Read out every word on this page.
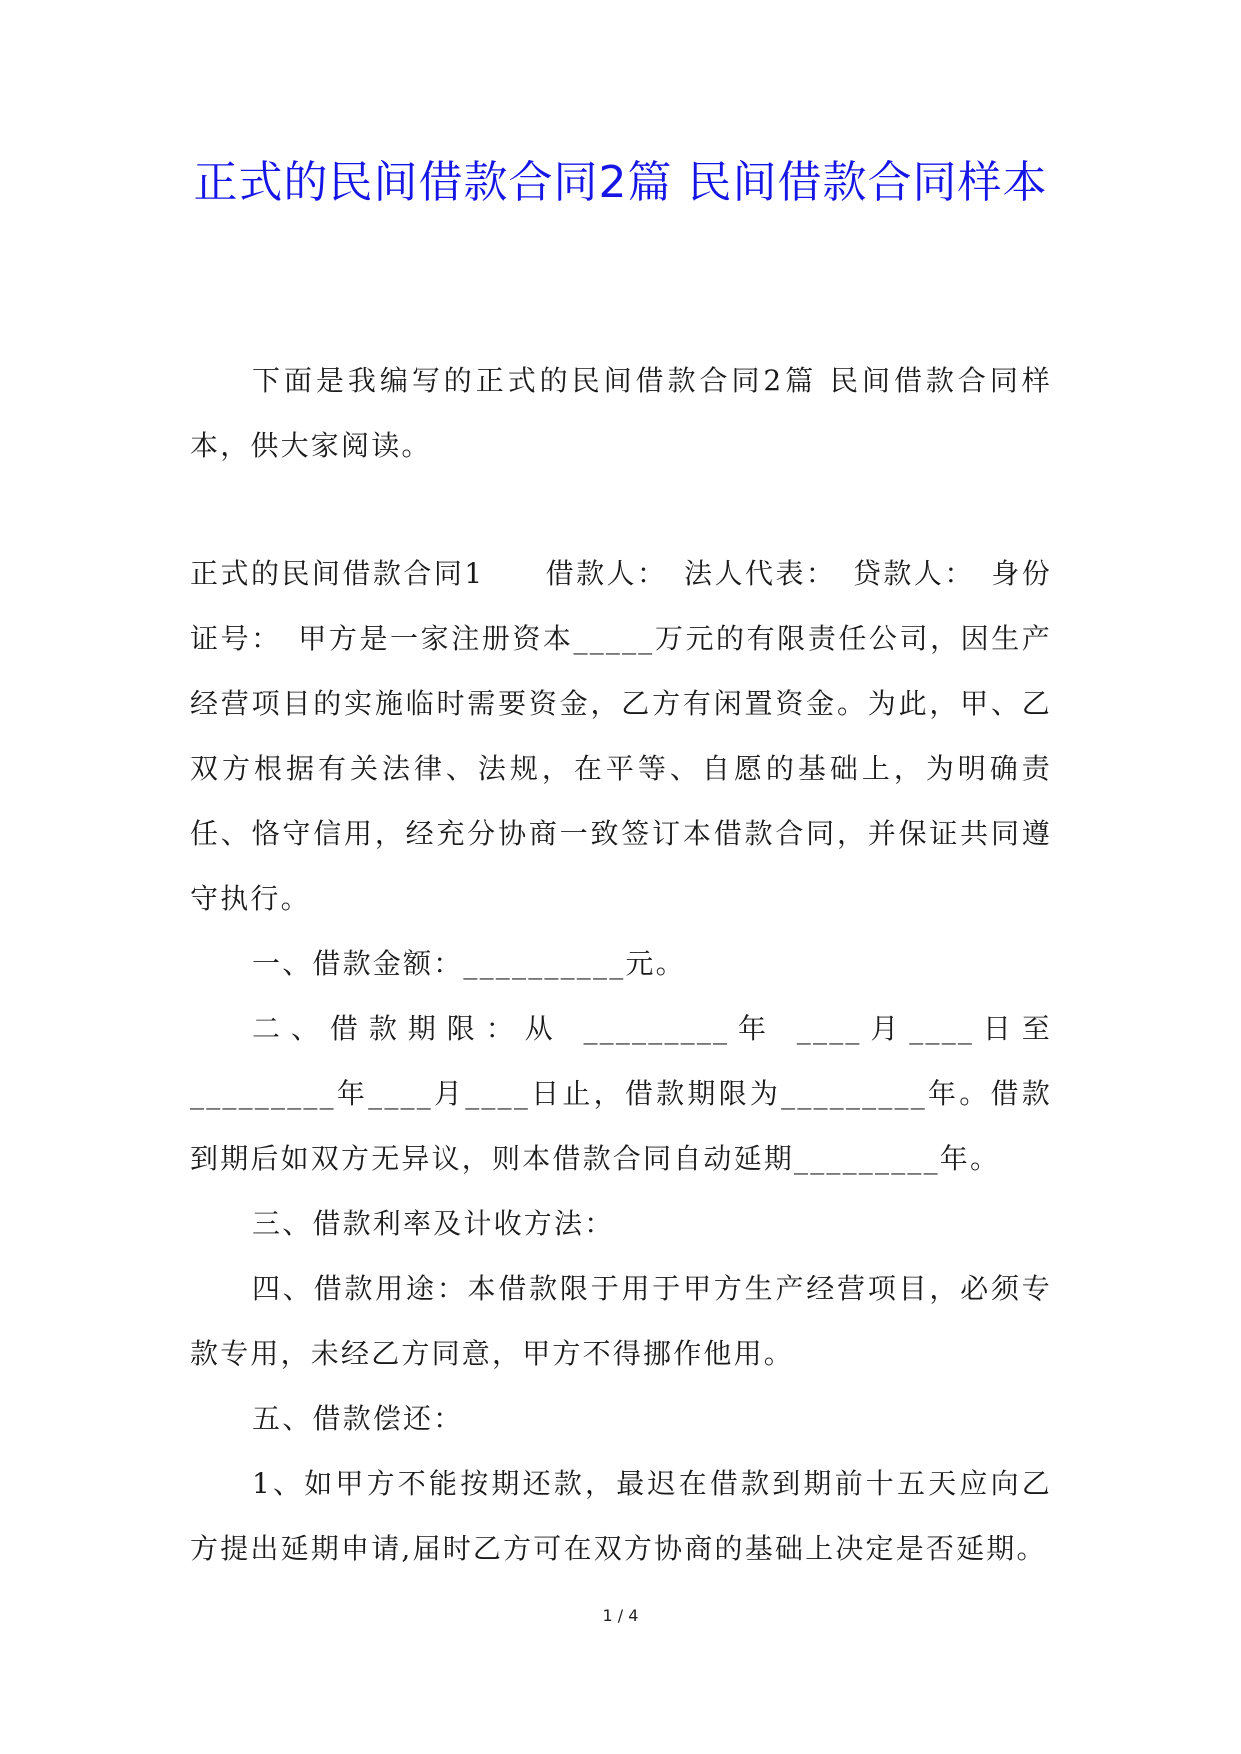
正式的民间借款合同2篇 民间借款合同样本

下面是我编写的正式的民间借款合同2篇 民间借款合同样本，供大家阅读。

正式的民间借款合同1　　借款人：　法人代表：　贷款人：　身份证号：　甲方是一家注册资本_____万元的有限责任公司，因生产经营项目的实施临时需要资金，乙方有闲置资金。为此，甲、乙双方根据有关法律、法规，在平等、自愿的基础上，为明确责任、恪守信用，经充分协商一致签订本借款合同，并保证共同遵守执行。

一、借款金额：__________元。

二、借款期限：从 _________年 ____月____日至_________年____月____日止，借款期限为_________年。借款到期后如双方无异议，则本借款合同自动延期_________年。

三、借款利率及计收方法：

四、借款用途：本借款限于用于甲方生产经营项目，必须专款专用，未经乙方同意，甲方不得挪作他用。

五、借款偿还：

1、如甲方不能按期还款，最迟在借款到期前十五天应向乙方提出延期申请,届时乙方可在双方协商的基础上决定是否延期。

1 / 4
